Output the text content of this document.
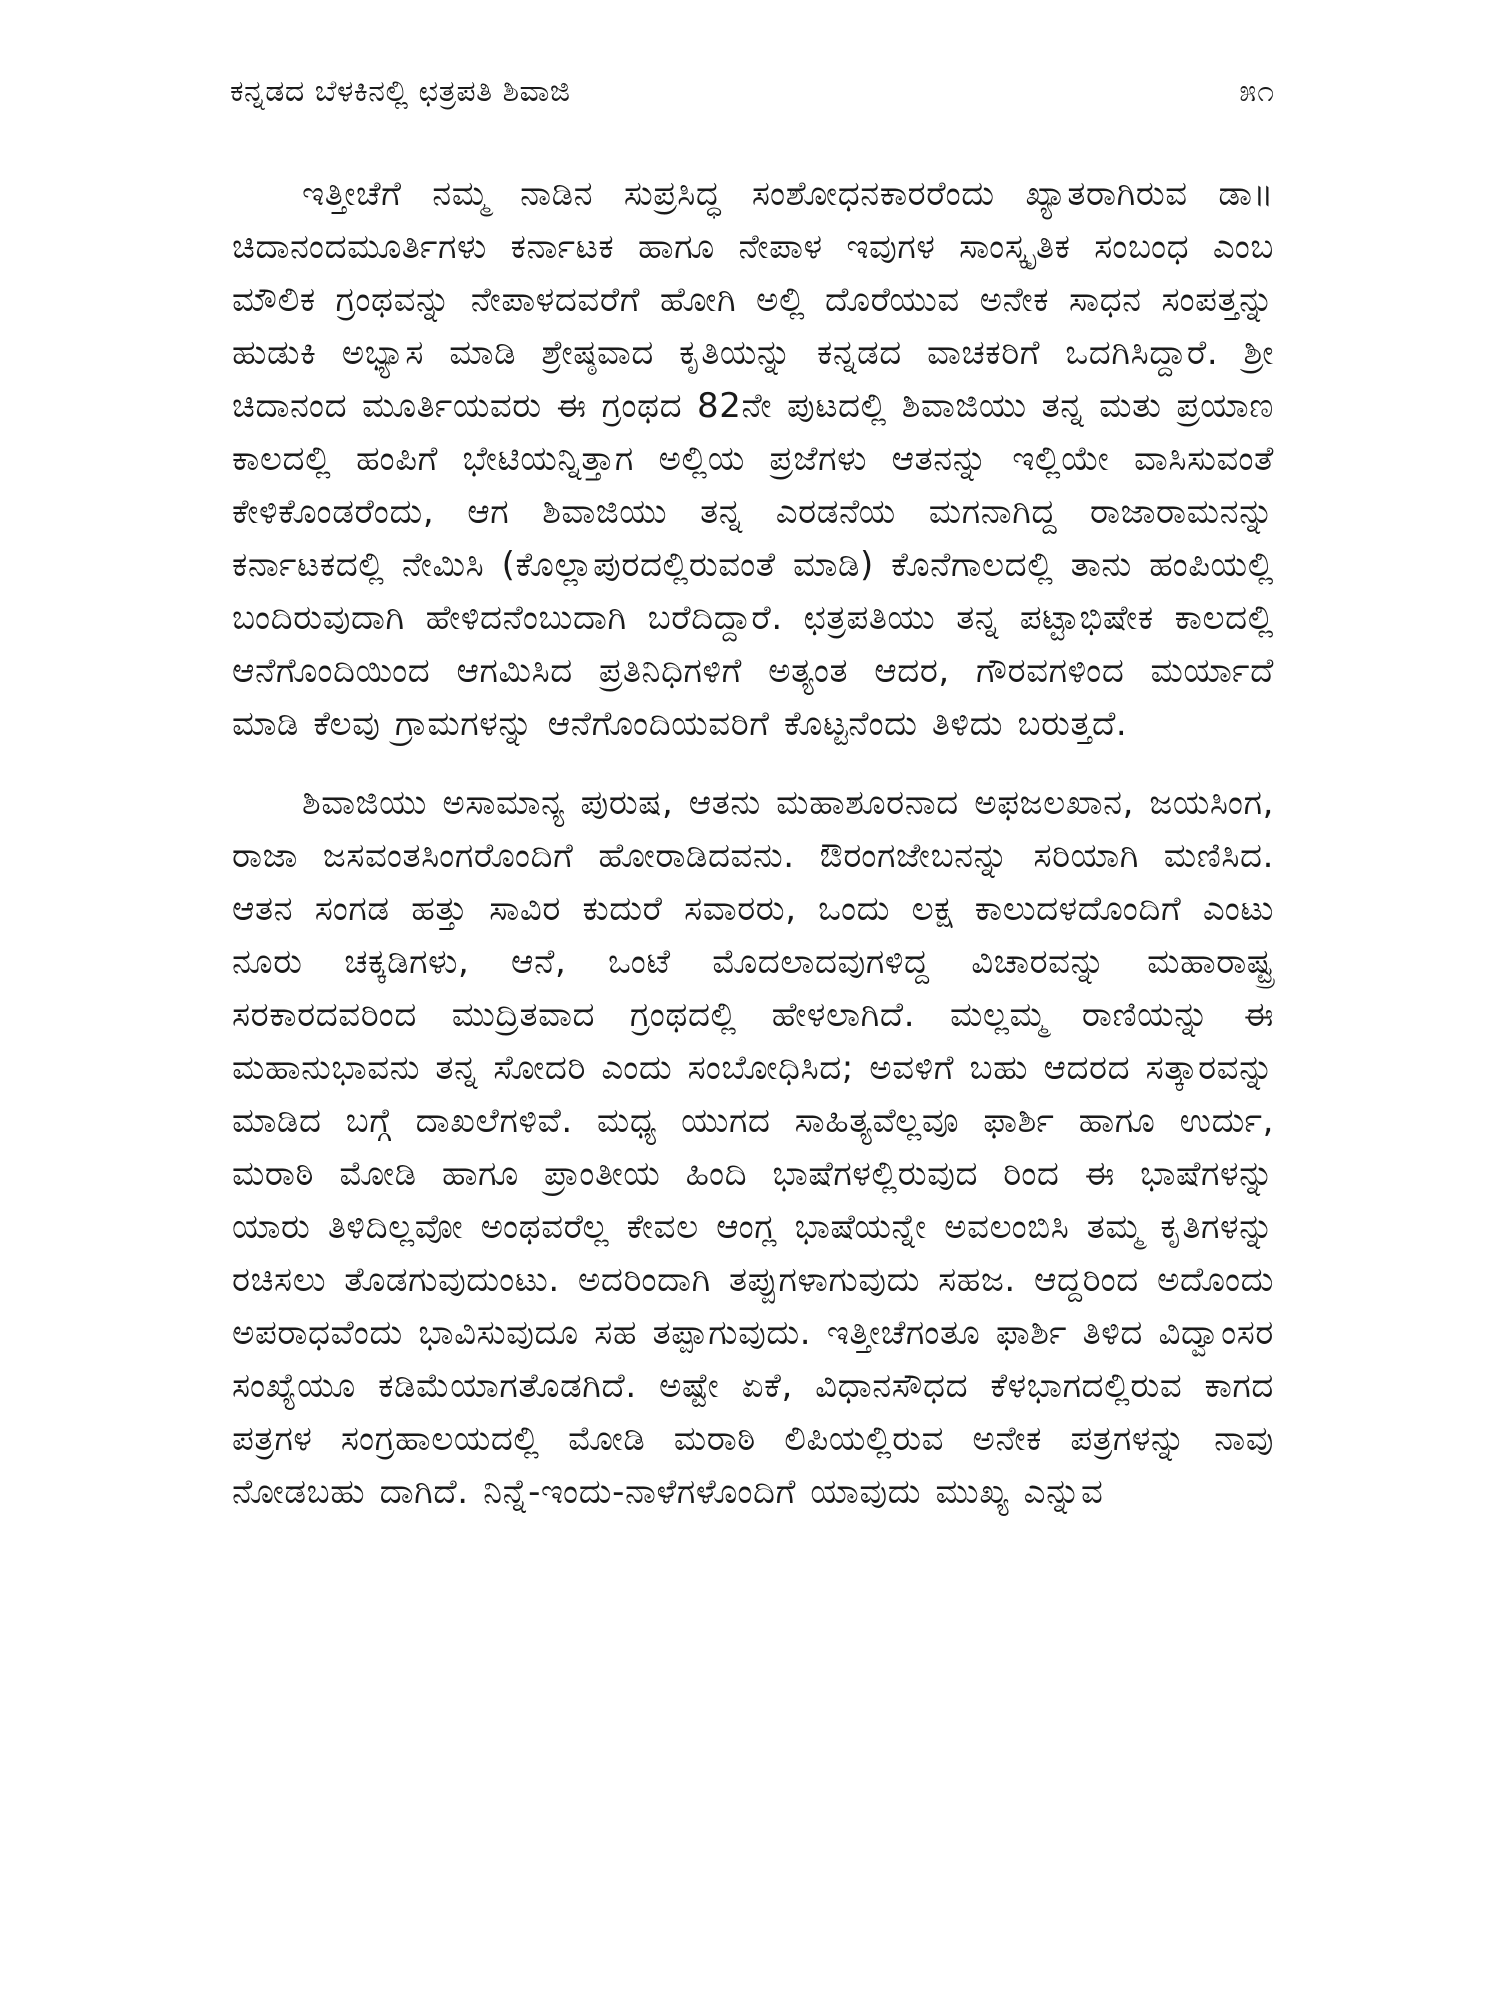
ಕನ್ನಡದ ಬೆಳಕಿನಲ್ಲಿ ಛತ್ರಪತಿ ಶಿವಾಜಿ	೫೧

ಇತ್ತೀಚೆಗೆ ನಮ್ಮ ನಾಡಿನ ಸುಪ್ರಸಿದ್ಧ ಸಂಶೋಧನಕಾರರೆಂದು ಖ್ಯಾತರಾಗಿರುವ ಡಾ॥ ಚಿದಾನಂದಮೂರ್ತಿಗಳು ಕರ್ನಾಟಕ ಹಾಗೂ ನೇಪಾಳ ಇವುಗಳ ಸಾಂಸ್ಕೃತಿಕ ಸಂಬಂಧ ಎಂಬ ಮೌಲಿಕ ಗ್ರಂಥವನ್ನು ನೇಪಾಳದವರೆಗೆ ಹೋಗಿ ಅಲ್ಲಿ ದೊರೆಯುವ ಅನೇಕ ಸಾಧನ ಸಂಪತ್ತನ್ನು ಹುಡುಕಿ ಅಭ್ಯಾಸ ಮಾಡಿ ಶ್ರೇಷ್ಠವಾದ ಕೃತಿಯನ್ನು ಕನ್ನಡದ ವಾಚಕರಿಗೆ ಒದಗಿಸಿದ್ದಾರೆ. ಶ್ರೀ ಚಿದಾನಂದ ಮೂರ್ತಿಯವರು ಈ ಗ್ರಂಥದ 82ನೇ ಪುಟದಲ್ಲಿ ಶಿವಾಜಿಯು ತನ್ನ ಮತು ಪ್ರಯಾಣ ಕಾಲದಲ್ಲಿ ಹಂಪಿಗೆ ಭೇಟಿಯನ್ನಿತ್ತಾಗ ಅಲ್ಲಿಯ ಪ್ರಜೆಗಳು ಆತನನ್ನು ಇಲ್ಲಿಯೇ ವಾಸಿಸುವಂತೆ ಕೇಳಿಕೊಂಡರೆಂದು, ಆಗ ಶಿವಾಜಿಯು ತನ್ನ ಎರಡನೆಯ ಮಗನಾಗಿದ್ದ ರಾಜಾರಾಮನನ್ನು ಕರ್ನಾಟಕದಲ್ಲಿ ನೇಮಿಸಿ (ಕೊಲ್ಲಾಪುರದಲ್ಲಿರುವಂತೆ ಮಾಡಿ) ಕೊನೆಗಾಲದಲ್ಲಿ ತಾನು ಹಂಪಿಯಲ್ಲಿ ಬಂದಿರುವುದಾಗಿ ಹೇಳಿದನೆಂಬುದಾಗಿ ಬರೆದಿದ್ದಾರೆ. ಛತ್ರಪತಿಯು ತನ್ನ ಪಟ್ಟಾಭಿಷೇಕ ಕಾಲದಲ್ಲಿ ಆನೆಗೊಂದಿಯಿಂದ ಆಗಮಿಸಿದ ಪ್ರತಿನಿಧಿಗಳಿಗೆ ಅತ್ಯಂತ ಆದರ, ಗೌರವಗಳಿಂದ ಮರ್ಯಾದೆ ಮಾಡಿ ಕೆಲವು ಗ್ರಾಮಗಳನ್ನು ಆನೆಗೊಂದಿಯವರಿಗೆ ಕೊಟ್ಟನೆಂದು ತಿಳಿದು ಬರುತ್ತದೆ.

ಶಿವಾಜಿಯು ಅಸಾಮಾನ್ಯ ಪುರುಷ, ಆತನು ಮಹಾಶೂರನಾದ ಅಫಜಲಖಾನ, ಜಯಸಿಂಗ, ರಾಜಾ ಜಸವಂತಸಿಂಗರೊಂದಿಗೆ ಹೋರಾಡಿದವನು. ಔರಂಗಜೇಬನನ್ನು ಸರಿಯಾಗಿ ಮಣಿಸಿದ. ಆತನ ಸಂಗಡ ಹತ್ತು ಸಾವಿರ ಕುದುರೆ ಸವಾರರು, ಒಂದು ಲಕ್ಷ ಕಾಲುದಳದೊಂದಿಗೆ ಎಂಟು ನೂರು ಚಕ್ಕಡಿಗಳು, ಆನೆ, ಒಂಟೆ ಮೊದಲಾದವುಗಳಿದ್ದ ವಿಚಾರವನ್ನು ಮಹಾರಾಷ್ಟ್ರ ಸರಕಾರದವರಿಂದ ಮುದ್ರಿತವಾದ ಗ್ರಂಥದಲ್ಲಿ ಹೇಳಲಾಗಿದೆ. ಮಲ್ಲಮ್ಮ ರಾಣಿಯನ್ನು ಈ ಮಹಾನುಭಾವನು ತನ್ನ ಸೋದರಿ ಎಂದು ಸಂಬೋಧಿಸಿದ; ಅವಳಿಗೆ ಬಹು ಆದರದ ಸತ್ಕಾರವನ್ನು ಮಾಡಿದ ಬಗ್ಗೆ ದಾಖಲೆಗಳಿವೆ. ಮಧ್ಯ ಯುಗದ ಸಾಹಿತ್ಯವೆಲ್ಲವೂ ಫಾರ್ಶಿ ಹಾಗೂ ಉರ್ದು, ಮರಾಠಿ ಮೋಡಿ ಹಾಗೂ ಪ್ರಾಂತೀಯ ಹಿಂದಿ ಭಾಷೆಗಳಲ್ಲಿರುವುದ ರಿಂದ ಈ ಭಾಷೆಗಳನ್ನು ಯಾರು ತಿಳಿದಿಲ್ಲವೋ ಅಂಥವರೆಲ್ಲ ಕೇವಲ ಆಂಗ್ಲ ಭಾಷೆಯನ್ನೇ ಅವಲಂಬಿಸಿ ತಮ್ಮ ಕೃತಿಗಳನ್ನು ರಚಿಸಲು ತೊಡಗುವುದುಂಟು. ಅದರಿಂದಾಗಿ ತಪ್ಪುಗಳಾಗುವುದು ಸಹಜ. ಆದ್ದರಿಂದ ಅದೊಂದು ಅಪರಾಧವೆಂದು ಭಾವಿಸುವುದೂ ಸಹ ತಪ್ಪಾಗುವುದು. ಇತ್ತೀಚೆಗಂತೂ ಫಾರ್ಶಿ ತಿಳಿದ ವಿದ್ವಾಂಸರ ಸಂಖ್ಯೆಯೂ ಕಡಿಮೆಯಾಗತೊಡಗಿದೆ. ಅಷ್ಟೇ ಏಕೆ, ವಿಧಾನಸೌಧದ ಕೆಳಭಾಗದಲ್ಲಿರುವ ಕಾಗದ ಪತ್ರಗಳ ಸಂಗ್ರಹಾಲಯದಲ್ಲಿ ಮೋಡಿ ಮರಾಠಿ ಲಿಪಿಯಲ್ಲಿರುವ ಅನೇಕ ಪತ್ರಗಳನ್ನು ನಾವು ನೋಡಬಹು ದಾಗಿದೆ. ನಿನ್ನೆ-ಇಂದು-ನಾಳೆಗಳೊಂದಿಗೆ ಯಾವುದು ಮುಖ್ಯ ಎನ್ನುವ
